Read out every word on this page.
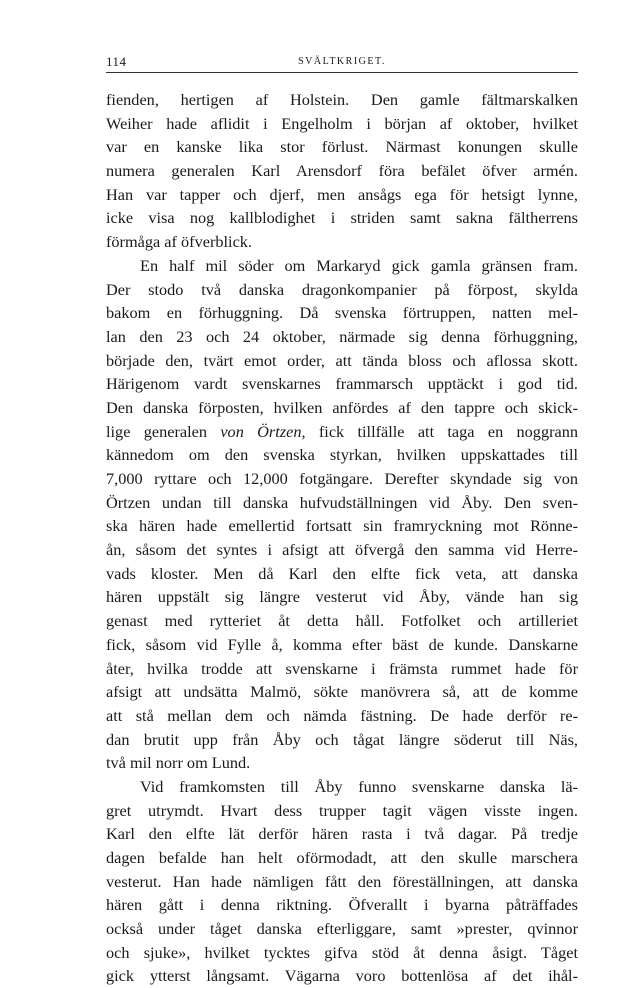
114	SVÄLTKRIGET.
fienden, hertigen af Holstein. Den gamle fältmarskalken
Weiher hade aflidit i Engelholm i början af oktober, hvilket
var en kanske lika stor förlust. Närmast konungen skulle
numera generalen Karl Arensdorf föra befälet öfver armén.
Han var tapper och djerf, men ansågs ega för hetsigt lynne,
icke visa nog kallblodighet i striden samt sakna fältherrens
förmåga af öfverblick.
En half mil söder om Markaryd gick gamla gränsen fram.
Der stodo två danska dragonkompanier på förpost, skylda
bakom en förhuggning. Då svenska förtruppen, natten mel-
lan den 23 och 24 oktober, närmade sig denna förhuggning,
började den, tvärt emot order, att tända bloss och aflossa skott.
Härigenom vardt svenskarnes frammarsch upptäckt i god tid.
Den danska förposten, hvilken anfördes af den tappre och skick-
lige generalen von Örtzen, fick tillfälle att taga en noggrann
kännedom om den svenska styrkan, hvilken uppskattades till
7,000 ryttare och 12,000 fotgängare. Derefter skyndade sig von
Örtzen undan till danska hufvudställningen vid Åby. Den sven-
ska hären hade emellertid fortsatt sin framryckning mot Rönne-
ån, såsom det syntes i afsigt att öfvergå den samma vid Herre-
vads kloster. Men då Karl den elfte fick veta, att danska
hären uppstält sig längre vesterut vid Åby, vände han sig
genast med rytteriet åt detta håll. Fotfolket och artilleriet
fick, såsom vid Fylle å, komma efter bäst de kunde. Danskarne
åter, hvilka trodde att svenskarne i främsta rummet hade för
afsigt att undsätta Malmö, sökte manövrera så, att de komme
att stå mellan dem och nämda fästning. De hade derför re-
dan brutit upp från Åby och tågat längre söderut till Näs,
två mil norr om Lund.
Vid framkomsten till Åby funno svenskarne danska lä-
gret utrymdt. Hvart dess trupper tagit vägen visste ingen.
Karl den elfte lät derför hären rasta i två dagar. På tredje
dagen befalde han helt oförmodadt, att den skulle marschera
vesterut. Han hade nämligen fått den föreställningen, att danska
hären gått i denna riktning. Öfverallt i byarna påträffades
också under tåget danska efterliggare, samt »prester, qvinnor
och sjuke», hvilket tycktes gifva stöd åt denna åsigt. Tåget
gick ytterst långsamt. Vägarna voro bottenlösa af det ihål-
